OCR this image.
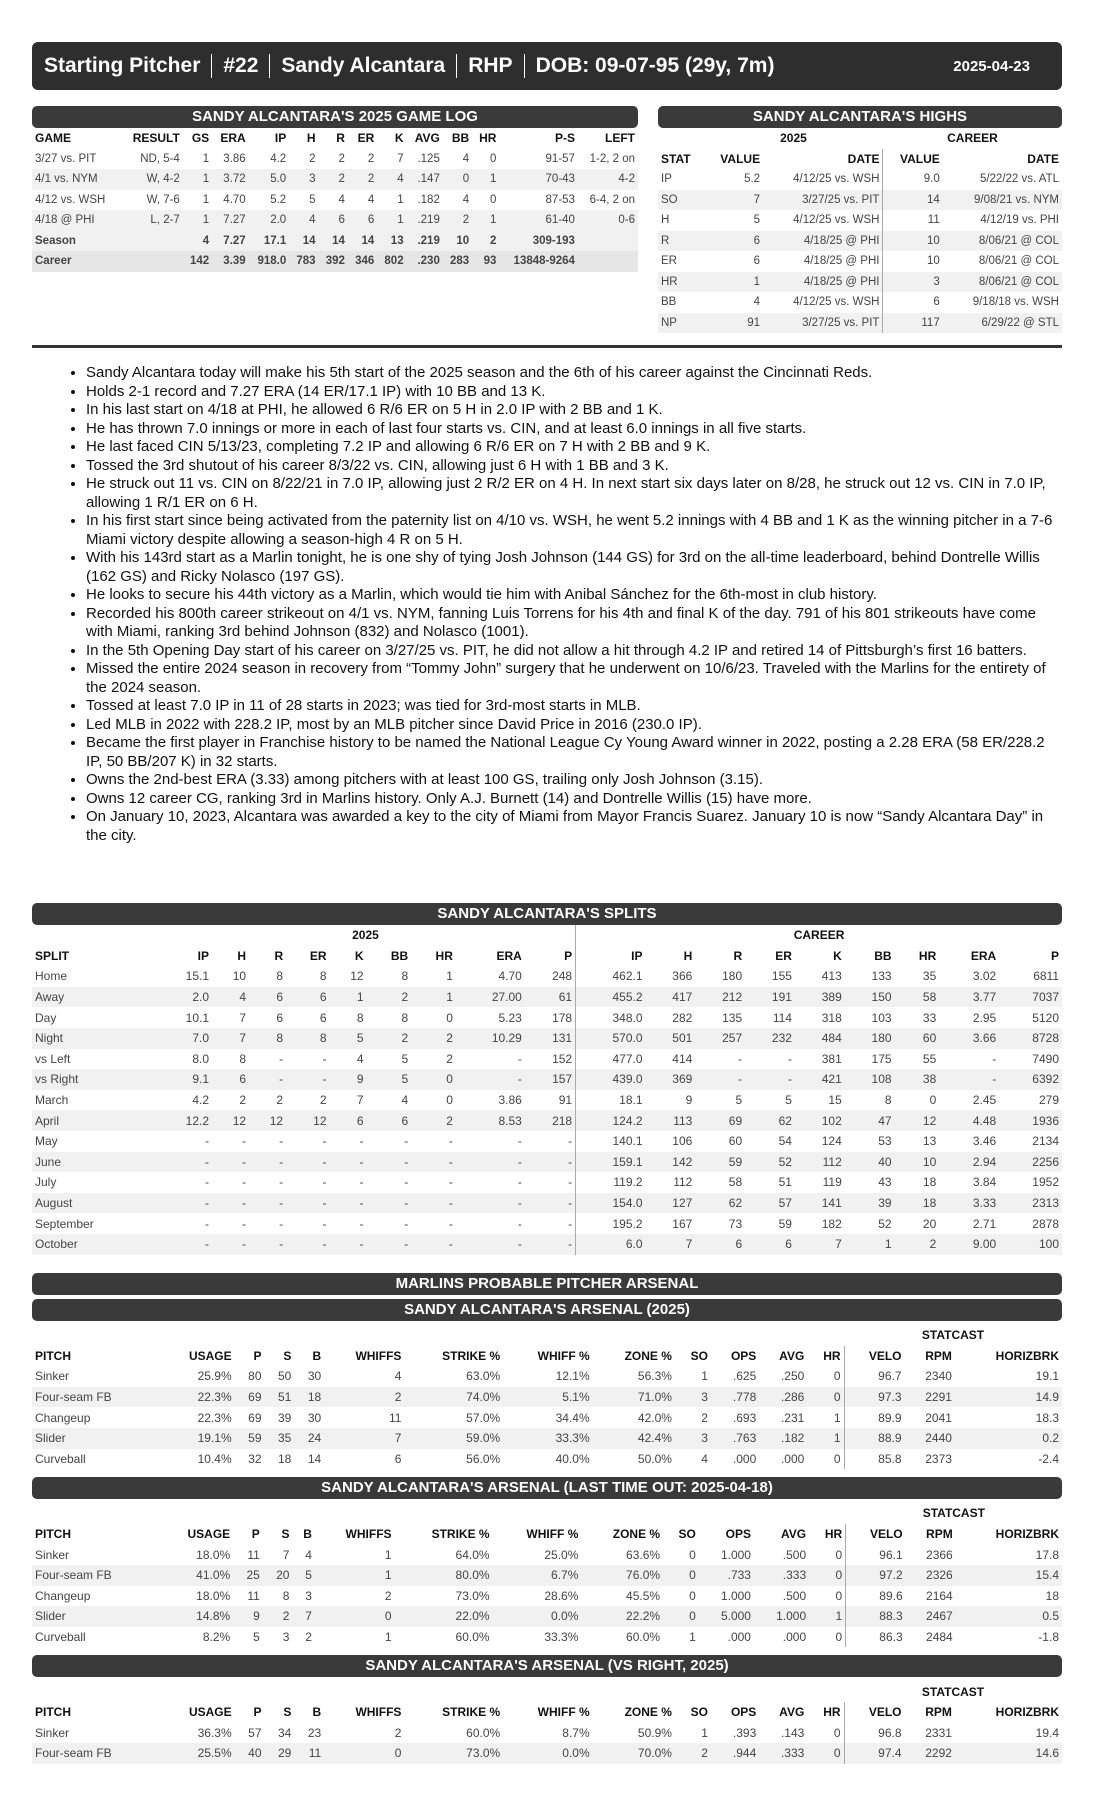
Starting Pitcher #22 Sandy Alcantara RHP DOB: 09-07-95 (29y, 7m)	2025-04-23
SANDY ALCANTARA'S 2025 GAME LOG
GAME	RESULT	GS	ERA	IP	H	R	ER	K	AVG	BB	HR	P-S	LEFT
3/27 vs. PIT	ND, 5-4	1	3.86	4.2	2	2	2	7	.125	4	0	91-57	1-2, 2 on
4/1 vs. NYM	W, 4-2	1	3.72	5.0	3	2	2	4	.147	0	1	70-43	4-2
4/12 vs. WSH	W, 7-6	1	4.70	5.2	5	4	4	1	.182	4	0	87-53	6-4, 2 on
4/18 @ PHI	L, 2-7	1	7.27	2.0	4	6	6	1	.219	2	1	61-40	0-6
Season		4	7.27	17.1	14	14	14	13	.219	10	2	309-193	
Career		142	3.39	918.0	783	392	346	802	.230	283	93	13848-9264	
SANDY ALCANTARA'S HIGHS
	2025		CAREER	
STAT	VALUE	DATE	VALUE	DATE
IP	5.2	4/12/25 vs. WSH	9.0	5/22/22 vs. ATL
SO	7	3/27/25 vs. PIT	14	9/08/21 vs. NYM
H	5	4/12/25 vs. WSH	11	4/12/19 vs. PHI
R	6	4/18/25 @ PHI	10	8/06/21 @ COL
ER	6	4/18/25 @ PHI	10	8/06/21 @ COL
HR	1	4/18/25 @ PHI	3	8/06/21 @ COL
BB	4	4/12/25 vs. WSH	6	9/18/18 vs. WSH
NP	91	3/27/25 vs. PIT	117	6/29/22 @ STL
• Sandy Alcantara today will make his 5th start of the 2025 season and the 6th of his career against the Cincinnati Reds.
• Holds 2-1 record and 7.27 ERA (14 ER/17.1 IP) with 10 BB and 13 K.
• In his last start on 4/18 at PHI, he allowed 6 R/6 ER on 5 H in 2.0 IP with 2 BB and 1 K.
• He has thrown 7.0 innings or more in each of last four starts vs. CIN, and at least 6.0 innings in all five starts.
• He last faced CIN 5/13/23, completing 7.2 IP and allowing 6 R/6 ER on 7 H with 2 BB and 9 K.
• Tossed the 3rd shutout of his career 8/3/22 vs. CIN, allowing just 6 H with 1 BB and 3 K.
• He struck out 11 vs. CIN on 8/22/21 in 7.0 IP, allowing just 2 R/2 ER on 4 H. In next start six days later on 8/28, he struck out 12 vs. CIN in 7.0 IP, allowing 1 R/1 ER on 6 H.
• In his first start since being activated from the paternity list on 4/10 vs. WSH, he went 5.2 innings with 4 BB and 1 K as the winning pitcher in a 7-6 Miami victory despite allowing a season-high 4 R on 5 H.
• With his 143rd start as a Marlin tonight, he is one shy of tying Josh Johnson (144 GS) for 3rd on the all-time leaderboard, behind Dontrelle Willis (162 GS) and Ricky Nolasco (197 GS).
• He looks to secure his 44th victory as a Marlin, which would tie him with Anibal Sánchez for the 6th-most in club history.
• Recorded his 800th career strikeout on 4/1 vs. NYM, fanning Luis Torrens for his 4th and final K of the day. 791 of his 801 strikeouts have come with Miami, ranking 3rd behind Johnson (832) and Nolasco (1001).
• In the 5th Opening Day start of his career on 3/27/25 vs. PIT, he did not allow a hit through 4.2 IP and retired 14 of Pittsburgh’s first 16 batters.
• Missed the entire 2024 season in recovery from “Tommy John” surgery that he underwent on 10/6/23. Traveled with the Marlins for the entirety of the 2024 season.
• Tossed at least 7.0 IP in 11 of 28 starts in 2023; was tied for 3rd-most starts in MLB.
• Led MLB in 2022 with 228.2 IP, most by an MLB pitcher since David Price in 2016 (230.0 IP).
• Became the first player in Franchise history to be named the National League Cy Young Award winner in 2022, posting a 2.28 ERA (58 ER/228.2 IP, 50 BB/207 K) in 32 starts.
• Owns the 2nd-best ERA (3.33) among pitchers with at least 100 GS, trailing only Josh Johnson (3.15).
• Owns 12 career CG, ranking 3rd in Marlins history. Only A.J. Burnett (14) and Dontrelle Willis (15) have more.
• On January 10, 2023, Alcantara was awarded a key to the city of Miami from Mayor Francis Suarez. January 10 is now “Sandy Alcantara Day” in the city.
SANDY ALCANTARA'S SPLITS
	2025									CAREER								
SPLIT	IP	H	R	ER	K	BB	HR	ERA	P	IP	H	R	ER	K	BB	HR	ERA	P
Home	15.1	10	8	8	12	8	1	4.70	248	462.1	366	180	155	413	133	35	3.02	6811
Away	2.0	4	6	6	1	2	1	27.00	61	455.2	417	212	191	389	150	58	3.77	7037
Day	10.1	7	6	6	8	8	0	5.23	178	348.0	282	135	114	318	103	33	2.95	5120
Night	7.0	7	8	8	5	2	2	10.29	131	570.0	501	257	232	484	180	60	3.66	8728
vs Left	8.0	8	-	-	4	5	2	-	152	477.0	414	-	-	381	175	55	-	7490
vs Right	9.1	6	-	-	9	5	0	-	157	439.0	369	-	-	421	108	38	-	6392
March	4.2	2	2	2	7	4	0	3.86	91	18.1	9	5	5	15	8	0	2.45	279
April	12.2	12	12	12	6	6	2	8.53	218	124.2	113	69	62	102	47	12	4.48	1936
May	-	-	-	-	-	-	-	-	-	140.1	106	60	54	124	53	13	3.46	2134
June	-	-	-	-	-	-	-	-	-	159.1	142	59	52	112	40	10	2.94	2256
July	-	-	-	-	-	-	-	-	-	119.2	112	58	51	119	43	18	3.84	1952
August	-	-	-	-	-	-	-	-	-	154.0	127	62	57	141	39	18	3.33	2313
September	-	-	-	-	-	-	-	-	-	195.2	167	73	59	182	52	20	2.71	2878
October	-	-	-	-	-	-	-	-	-	6.0	7	6	6	7	1	2	9.00	100
MARLINS PROBABLE PITCHER ARSENAL
SANDY ALCANTARA'S ARSENAL (2025)
													STATCAST		
PITCH	USAGE	P	S	B	WHIFFS	STRIKE %	WHIFF %	ZONE %	SO	OPS	AVG	HR	VELO	RPM	HORIZBRK
Sinker	25.9%	80	50	30	4	63.0%	12.1%	56.3%	1	.625	.250	0	96.7	2340	19.1
Four-seam FB	22.3%	69	51	18	2	74.0%	5.1%	71.0%	3	.778	.286	0	97.3	2291	14.9
Changeup	22.3%	69	39	30	11	57.0%	34.4%	42.0%	2	.693	.231	1	89.9	2041	18.3
Slider	19.1%	59	35	24	7	59.0%	33.3%	42.4%	3	.763	.182	1	88.9	2440	0.2
Curveball	10.4%	32	18	14	6	56.0%	40.0%	50.0%	4	.000	.000	0	85.8	2373	-2.4
SANDY ALCANTARA'S ARSENAL (LAST TIME OUT: 2025-04-18)
													STATCAST		
PITCH	USAGE	P	S	B	WHIFFS	STRIKE %	WHIFF %	ZONE %	SO	OPS	AVG	HR	VELO	RPM	HORIZBRK
Sinker	18.0%	11	7	4	1	64.0%	25.0%	63.6%	0	1.000	.500	0	96.1	2366	17.8
Four-seam FB	41.0%	25	20	5	1	80.0%	6.7%	76.0%	0	.733	.333	0	97.2	2326	15.4
Changeup	18.0%	11	8	3	2	73.0%	28.6%	45.5%	0	1.000	.500	0	89.6	2164	18
Slider	14.8%	9	2	7	0	22.0%	0.0%	22.2%	0	5.000	1.000	1	88.3	2467	0.5
Curveball	8.2%	5	3	2	1	60.0%	33.3%	60.0%	1	.000	.000	0	86.3	2484	-1.8
SANDY ALCANTARA'S ARSENAL (VS RIGHT, 2025)
													STATCAST		
PITCH	USAGE	P	S	B	WHIFFS	STRIKE %	WHIFF %	ZONE %	SO	OPS	AVG	HR	VELO	RPM	HORIZBRK
Sinker	36.3%	57	34	23	2	60.0%	8.7%	50.9%	1	.393	.143	0	96.8	2331	19.4
Four-seam FB	25.5%	40	29	11	0	73.0%	0.0%	70.0%	2	.944	.333	0	97.4	2292	14.6
